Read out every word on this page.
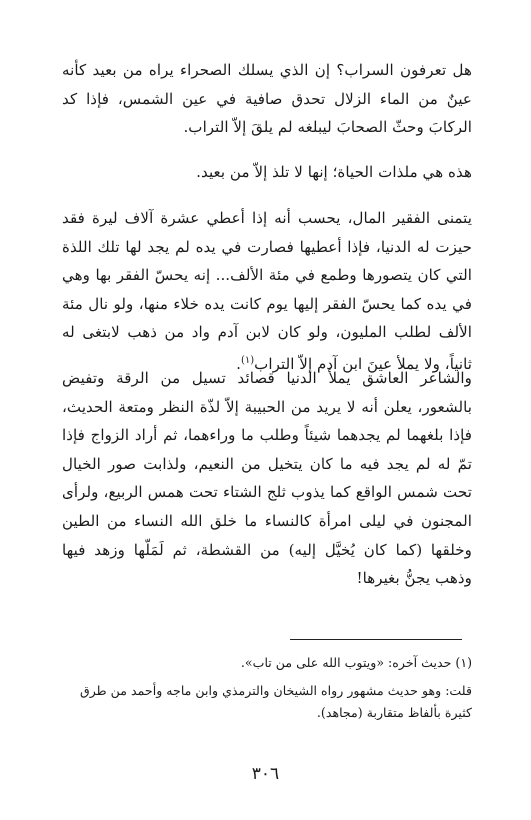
هل تعرفون السراب؟ إن الذي يسلك الصحراء يراه من بعيد كأنه عينٌ من الماء الزلال تحدق صافية في عين الشمس، فإذا كد الركابَ وحثّ الصحابَ ليبلغه لم يلقَ إلاّ التراب.

هذه هي ملذات الحياة؛ إنها لا تلذ إلاّ من بعيد.

يتمنى الفقير المال، يحسب أنه إذا أعطي عشرة آلاف ليرة فقد حيزت له الدنيا، فإذا أعطيها فصارت في يده لم يجد لها تلك اللذة التي كان يتصورها وطمع في مئة الألف... إنه يحسّ الفقر بها وهي في يده كما يحسّ الفقر إليها يوم كانت يده خلاء منها، ولو نال مئة الألف لطلب المليون، ولو كان لابن آدم واد من ذهب لابتغى له ثانياً، ولا يملأ عينَ ابن آدم إلاّ التراب$^{(١)}$.

والشاعر العاشق يملأ الدنيا قصائد تسيل من الرقة وتفيض بالشعور، يعلن أنه لا يريد من الحبيبة إلاّ لذّة النظر ومتعة الحديث، فإذا بلغهما لم يجدهما شيئاً وطلب ما وراءهما، ثم أراد الزواج فإذا تمّ له لم يجد فيه ما كان يتخيل من النعيم، ولذابت صور الخيال تحت شمس الواقع كما يذوب ثلج الشتاء تحت همس الربيع، ولرأى المجنون في ليلى امرأة كالنساء ما خلق الله النساء من الطين وخلقها (كما كان يُخيَّل إليه) من القشطة، ثم لَمَلّها وزهد فيها وذهب يجنُّ بغيرها!

(١) حديث آخره: «ويتوب الله على من تاب».
قلت: وهو حديث مشهور رواه الشيخان والترمذي وابن ماجه وأحمد من طرق كثيرة بألفاظ متقاربة (مجاهد).
٣٠٦
